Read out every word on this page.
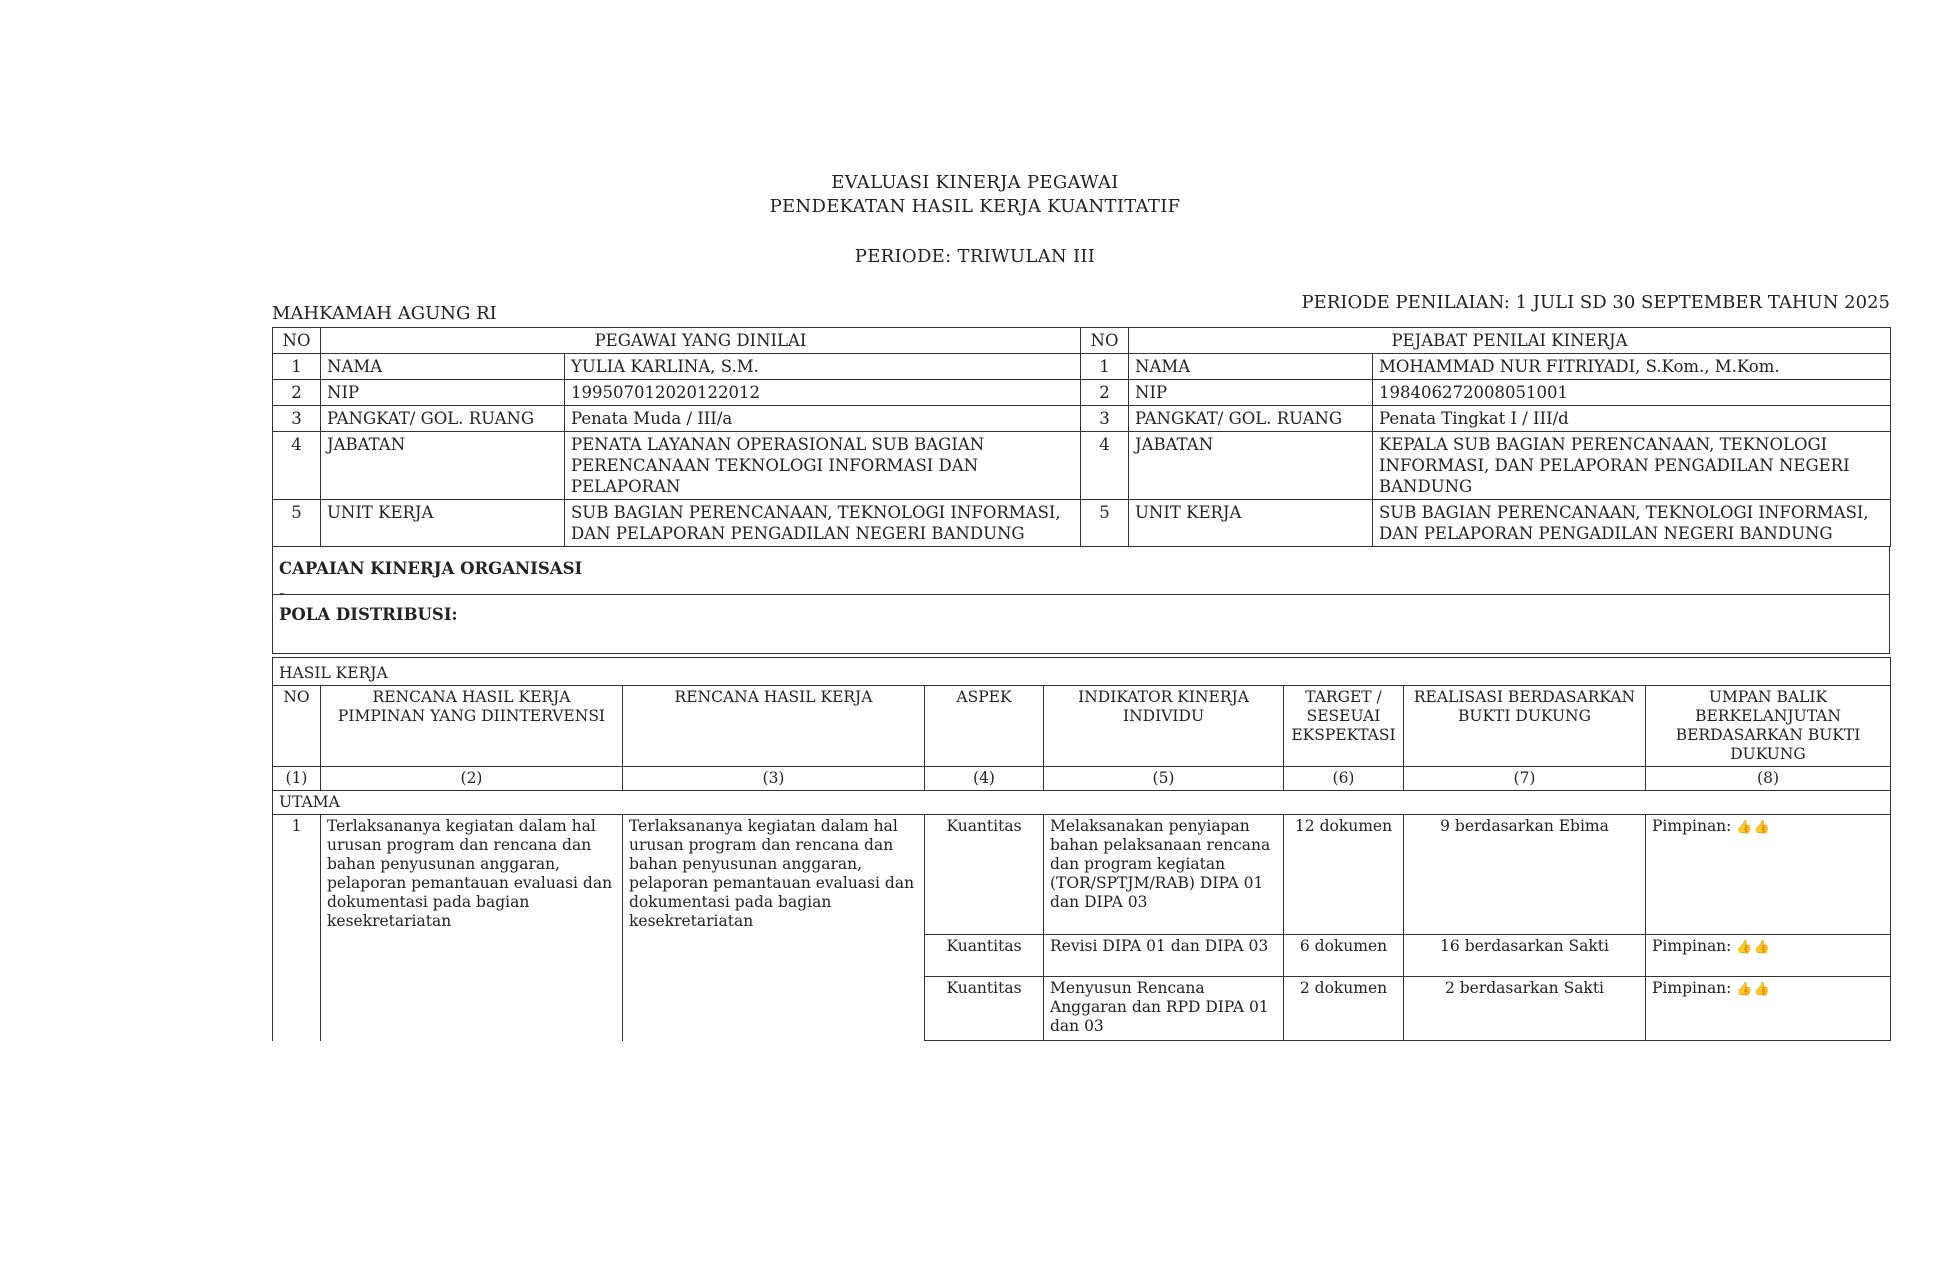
EVALUASI KINERJA PEGAWAI
PENDEKATAN HASIL KERJA KUANTITATIF
PERIODE: TRIWULAN III
MAHKAMAH AGUNG RI
PERIODE PENILAIAN: 1 JULI SD 30 SEPTEMBER TAHUN 2025
NO	PEGAWAI YANG DINILAI		NO	PEJABAT PENILAI KINERJA	
1	NAMA	YULIA KARLINA, S.M.	1	NAMA	MOHAMMAD NUR FITRIYADI, S.Kom., M.Kom.
2	NIP	199507012020122012	2	NIP	198406272008051001
3	PANGKAT/ GOL. RUANG	Penata Muda / III/a	3	PANGKAT/ GOL. RUANG	Penata Tingkat I / III/d
4	JABATAN	PENATA LAYANAN OPERASIONAL SUB BAGIAN PERENCANAAN TEKNOLOGI INFORMASI DAN PELAPORAN	4	JABATAN	KEPALA SUB BAGIAN PERENCANAAN, TEKNOLOGI INFORMASI, DAN PELAPORAN PENGADILAN NEGERI BANDUNG
5	UNIT KERJA	SUB BAGIAN PERENCANAAN, TEKNOLOGI INFORMASI, DAN PELAPORAN PENGADILAN NEGERI BANDUNG	5	UNIT KERJA	SUB BAGIAN PERENCANAAN, TEKNOLOGI INFORMASI, DAN PELAPORAN PENGADILAN NEGERI BANDUNG
CAPAIAN KINERJA ORGANISASI
-
POLA DISTRIBUSI:
HASIL KERJA							
NO	RENCANA HASIL KERJA PIMPINAN YANG DIINTERVENSI	RENCANA HASIL KERJA	ASPEK	INDIKATOR KINERJA INDIVIDU	TARGET / SESEUAI EKSPEKTASI	REALISASI BERDASARKAN BUKTI DUKUNG	UMPAN BALIK BERKELANJUTAN BERDASARKAN BUKTI DUKUNG
(1)	(2)	(3)	(4)	(5)	(6)	(7)	(8)
UTAMA							
1	Terlaksananya kegiatan dalam hal urusan program dan rencana dan bahan penyusunan anggaran, pelaporan pemantauan evaluasi dan dokumentasi pada bagian kesekretariatan	Terlaksananya kegiatan dalam hal urusan program dan rencana dan bahan penyusunan anggaran, pelaporan pemantauan evaluasi dan dokumentasi pada bagian kesekretariatan	Kuantitas	Melaksanakan penyiapan bahan pelaksanaan rencana dan program kegiatan (TOR/SPTJM/RAB) DIPA 01 dan DIPA 03	12 dokumen	9 berdasarkan Ebima	Pimpinan: 👍👍
			Kuantitas	Revisi DIPA 01 dan DIPA 03	6 dokumen	16 berdasarkan Sakti	Pimpinan: 👍👍
			Kuantitas	Menyusun Rencana Anggaran dan RPD DIPA 01 dan 03	2 dokumen	2 berdasarkan Sakti	Pimpinan: 👍👍
